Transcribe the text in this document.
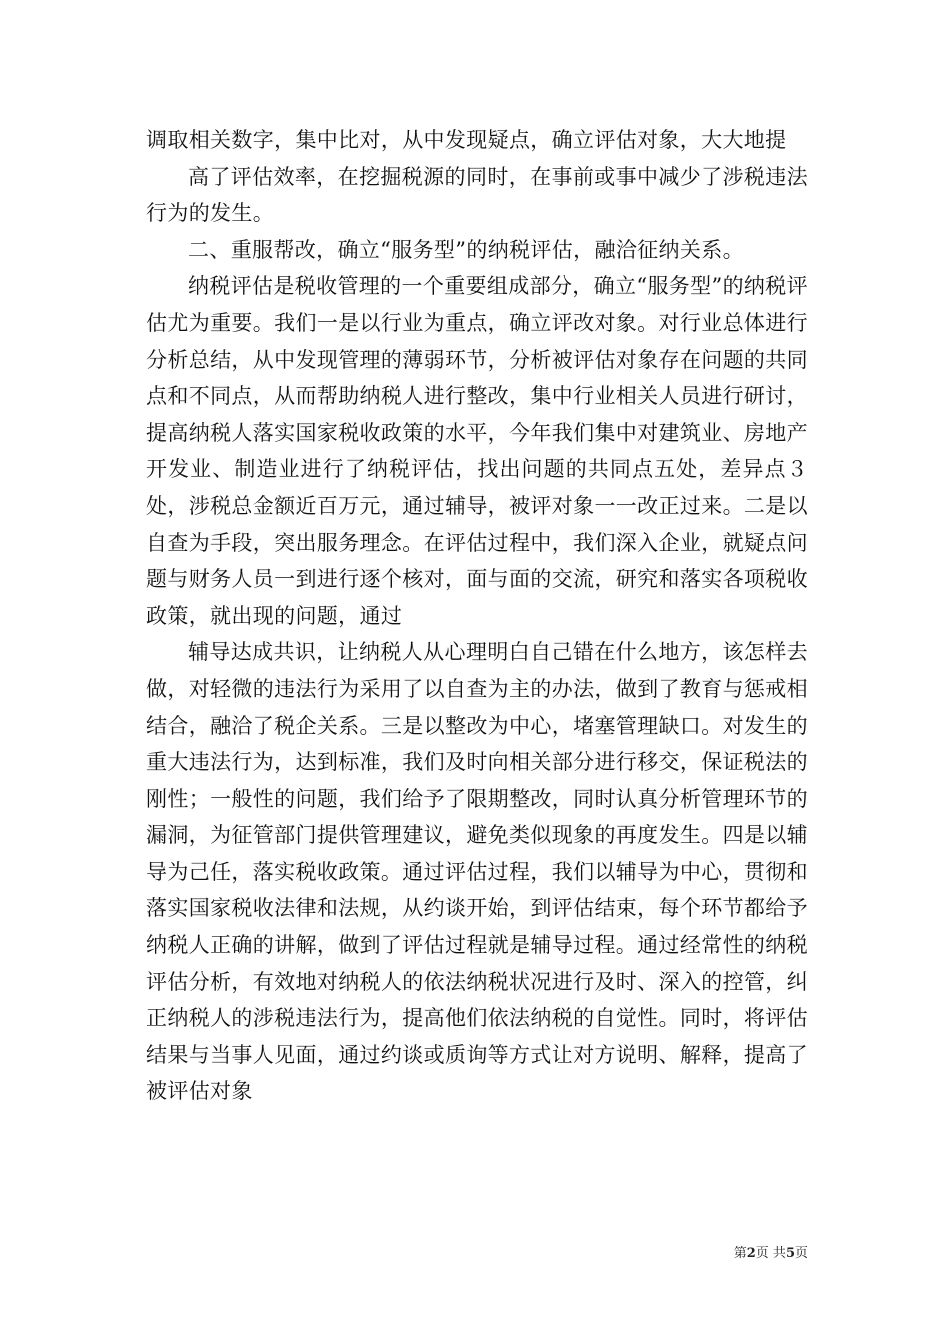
调取相关数字，集中比对，从中发现疑点，确立评估对象，大大地提

高了评估效率，在挖掘税源的同时，在事前或事中减少了涉税违法行为的发生。

二、重服帮改，确立“服务型”的纳税评估，融洽征纳关系。

纳税评估是税收管理的一个重要组成部分，确立“服务型”的纳税评估尤为重要。我们一是以行业为重点，确立评改对象。对行业总体进行分析总结，从中发现管理的薄弱环节，分析被评估对象存在问题的共同点和不同点，从而帮助纳税人进行整改，集中行业相关人员进行研讨，提高纳税人落实国家税收政策的水平，今年我们集中对建筑业、房地产开发业、制造业进行了纳税评估，找出问题的共同点五处，差异点３处，涉税总金额近百万元，通过辅导，被评对象一一改正过来。二是以自查为手段，突出服务理念。在评估过程中，我们深入企业，就疑点问题与财务人员一到进行逐个核对，面与面的交流，研究和落实各项税收政策，就出现的问题，通过

辅导达成共识，让纳税人从心理明白自己错在什么地方，该怎样去做，对轻微的违法行为采用了以自查为主的办法，做到了教育与惩戒相结合，融洽了税企关系。三是以整改为中心，堵塞管理缺口。对发生的重大违法行为，达到标准，我们及时向相关部分进行移交，保证税法的刚性；一般性的问题，我们给予了限期整改，同时认真分析管理环节的漏洞，为征管部门提供管理建议，避免类似现象的再度发生。四是以辅导为己任，落实税收政策。通过评估过程，我们以辅导为中心，贯彻和落实国家税收法律和法规，从约谈开始，到评估结束，每个环节都给予纳税人正确的讲解，做到了评估过程就是辅导过程。通过经常性的纳税评估分析，有效地对纳税人的依法纳税状况进行及时、深入的控管，纠正纳税人的涉税违法行为，提高他们依法纳税的自觉性。同时，将评估结果与当事人见面，通过约谈或质询等方式让对方说明、解释，提高了被评估对象

第2页 共5页
